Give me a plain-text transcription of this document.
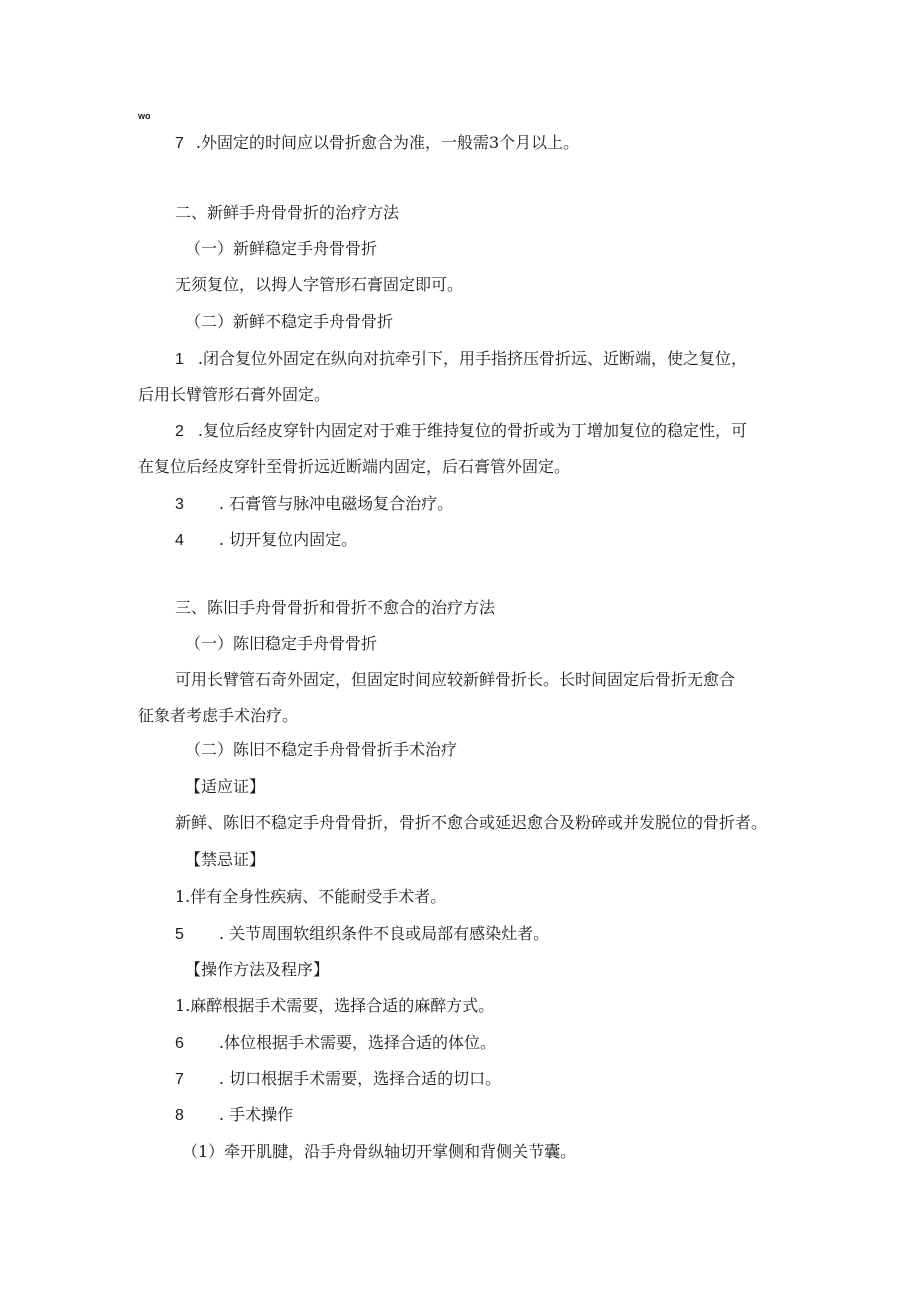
wo
7 .外固定的时间应以骨折愈合为准，一般需3个月以上。
二、新鲜手舟骨骨折的治疗方法
（一）新鲜稳定手舟骨骨折
无须复位，以拇人字管形石膏固定即可。
（二）新鲜不稳定手舟骨骨折
1 .闭合复位外固定在纵向对抗牵引下，用手指挤压骨折远、近断端，使之复位，
后用长臂管形石膏外固定。
2 .复位后经皮穿针内固定对于难于维持复位的骨折或为丁增加复位的稳定性，可
在复位后经皮穿针至骨折远近断端内固定，后石膏管外固定。
3 . 石膏管与脉冲电磁场复合治疗。
4 . 切开复位内固定。
三、陈旧手舟骨骨折和骨折不愈合的治疗方法
（一）陈旧稳定手舟骨骨折
可用长臂管石奇外固定，但固定时间应较新鲜骨折长。长时间固定后骨折无愈合
征象者考虑手术治疗。
（二）陈旧不稳定手舟骨骨折手术治疗
【适应证】
新鲜、陈旧不稳定手舟骨骨折，骨折不愈合或延迟愈合及粉碎或并发脱位的骨折者。
【禁忌证】
1.伴有全身性疾病、不能耐受手术者。
5 . 关节周围软组织条件不良或局部有感染灶者。
【操作方法及程序】
1.麻醉根据手术需要，选择合适的麻醉方式。
6 .体位根据手术需要，选择合适的体位。
7 . 切口根据手术需要，选择合适的切口。
8 . 手术操作
（1）牵开肌腱，沿手舟骨纵轴切开掌侧和背侧关节囊。
